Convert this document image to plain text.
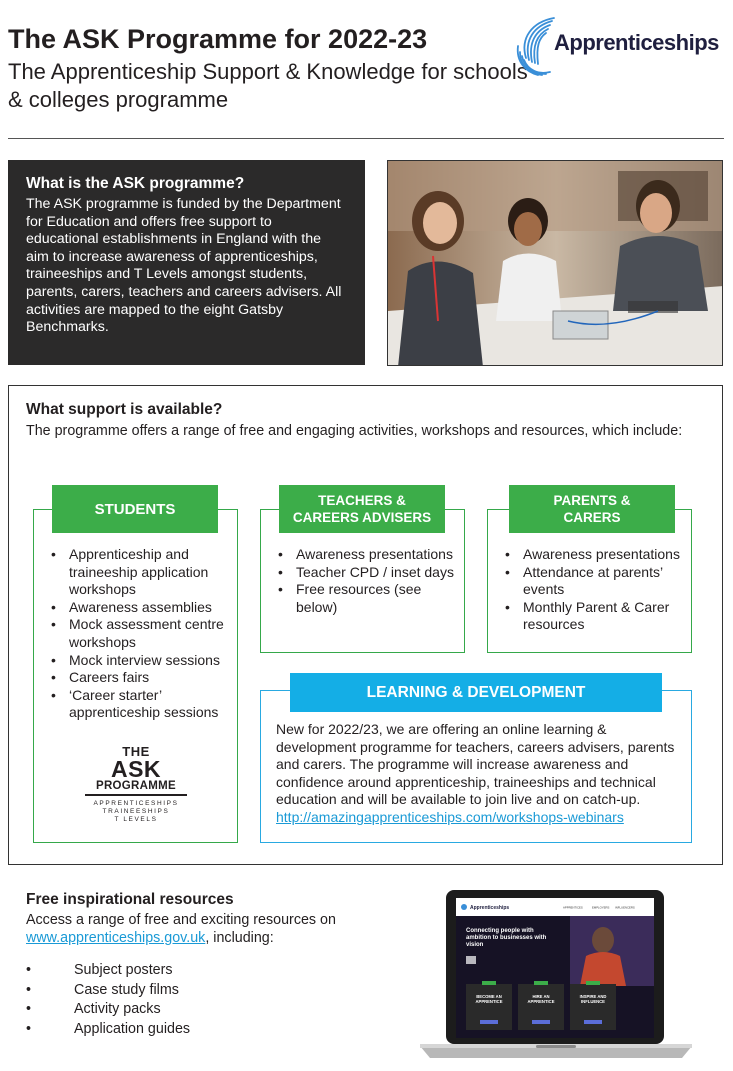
The ASK Programme for 2022-23
The Apprenticeship Support & Knowledge for schools & colleges programme
Apprenticeships
What is the ASK programme?
The ASK programme is funded by the Department for Education and offers free support to educational establishments in England with the aim to increase awareness of apprenticeships, traineeships and T Levels amongst students, parents, carers, teachers and careers advisers. All activities are mapped to the eight Gatsby Benchmarks.
What support is available?
The programme offers a range of free and engaging activities, workshops and resources, which include:
STUDENTS
• Apprenticeship and traineeship application workshops
• Awareness assemblies
• Mock assessment centre workshops
• Mock interview sessions
• Careers fairs
• ‘Career starter’ apprenticeship sessions
THE
ASK
PROGRAMME
APPRENTICESHIPS
TRAINEESHIPS
T LEVELS
TEACHERS &
CAREERS ADVISERS
• Awareness presentations
• Teacher CPD / inset days
• Free resources (see below)
PARENTS &
CARERS
• Awareness presentations
• Attendance at parents’ events
• Monthly Parent & Carer resources
LEARNING & DEVELOPMENT
New for 2022/23, we are offering an online learning & development programme for teachers, careers advisers, parents and carers. The programme will increase awareness and confidence around apprenticeship, traineeships and technical education and will be available to join live and on catch-up.
http://amazingapprenticeships.com/workshops-webinars
Free inspirational resources
Access a range of free and exciting resources on
www.apprenticeships.gov.uk, including:
• Subject posters
• Case study films
• Activity packs
• Application guides
Apprenticeships	APPRENTICES	EMPLOYERS INFLUENCERS
Connecting people with ambition to businesses with vision
BECOME AN APPRENTICE
HIRE AN APPRENTICE
INSPIRE AND INFLUENCE
